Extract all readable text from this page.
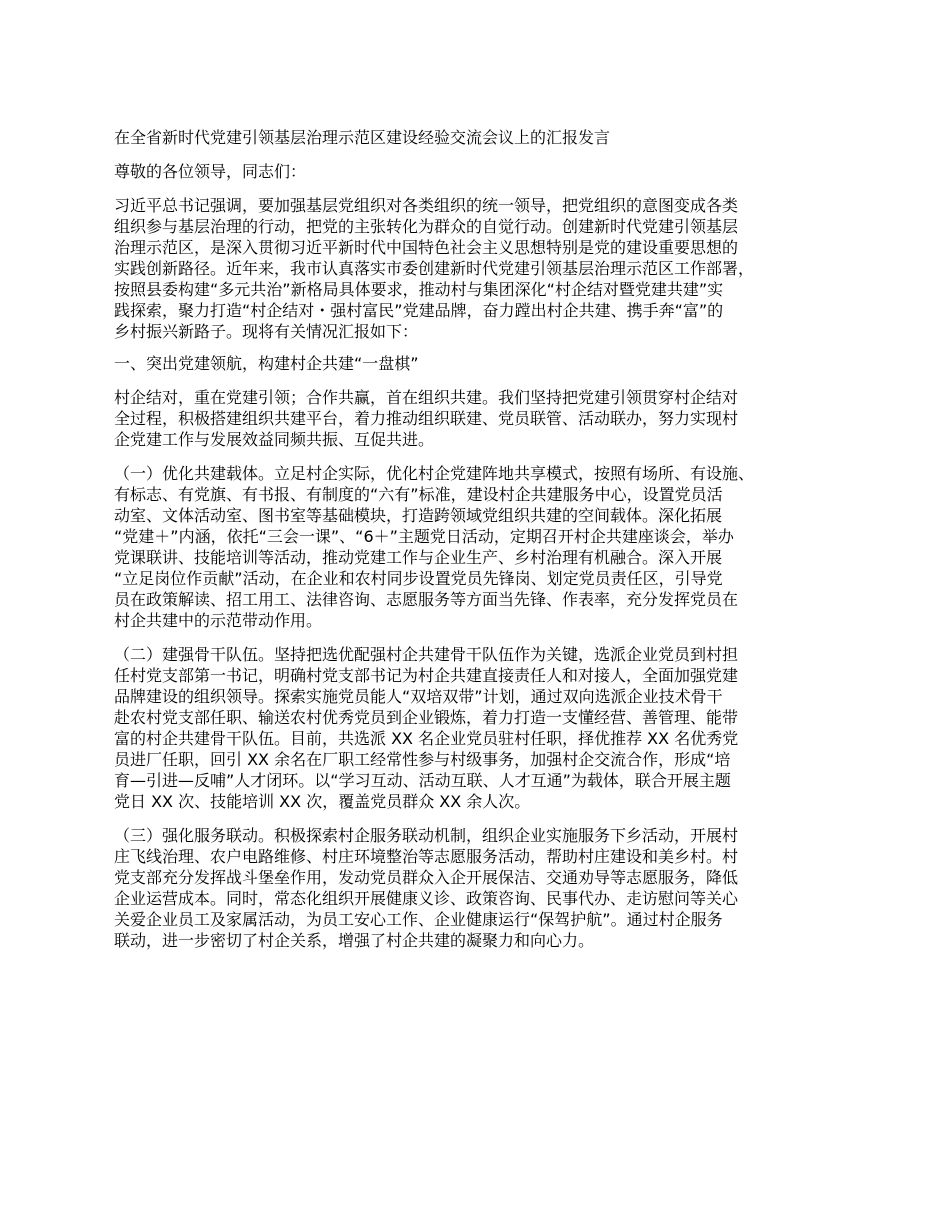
在全省新时代党建引领基层治理示范区建设经验交流会议上的汇报发言

尊敬的各位领导，同志们：

习近平总书记强调，要加强基层党组织对各类组织的统一领导，把党组织的意图变成各类
组织参与基层治理的行动，把党的主张转化为群众的自觉行动。创建新时代党建引领基层
治理示范区，是深入贯彻习近平新时代中国特色社会主义思想特别是党的建设重要思想的
实践创新路径。近年来，我市认真落实市委创建新时代党建引领基层治理示范区工作部署，
按照县委构建“多元共治”新格局具体要求，推动村与集团深化“村企结对暨党建共建”实
践探索，聚力打造“村企结对・强村富民”党建品牌，奋力蹚出村企共建、携手奔“富”的
乡村振兴新路子。现将有关情况汇报如下：

一、突出党建领航，构建村企共建“一盘棋”

村企结对，重在党建引领；合作共赢，首在组织共建。我们坚持把党建引领贯穿村企结对
全过程，积极搭建组织共建平台，着力推动组织联建、党员联管、活动联办，努力实现村
企党建工作与发展效益同频共振、互促共进。

（一）优化共建载体。立足村企实际，优化村企党建阵地共享模式，按照有场所、有设施、
有标志、有党旗、有书报、有制度的“六有”标准，建设村企共建服务中心，设置党员活
动室、文体活动室、图书室等基础模块，打造跨领域党组织共建的空间载体。深化拓展
“党建＋”内涵，依托“三会一课”、“6＋”主题党日活动，定期召开村企共建座谈会，举办
党课联讲、技能培训等活动，推动党建工作与企业生产、乡村治理有机融合。深入开展
“立足岗位作贡献”活动，在企业和农村同步设置党员先锋岗、划定党员责任区，引导党
员在政策解读、招工用工、法律咨询、志愿服务等方面当先锋、作表率，充分发挥党员在
村企共建中的示范带动作用。

（二）建强骨干队伍。坚持把选优配强村企共建骨干队伍作为关键，选派企业党员到村担
任村党支部第一书记，明确村党支部书记为村企共建直接责任人和对接人，全面加强党建
品牌建设的组织领导。探索实施党员能人“双培双带”计划，通过双向选派企业技术骨干
赴农村党支部任职、输送农村优秀党员到企业锻炼，着力打造一支懂经营、善管理、能带
富的村企共建骨干队伍。目前，共选派 XX 名企业党员驻村任职，择优推荐 XX 名优秀党
员进厂任职，回引 XX 余名在厂职工经常性参与村级事务，加强村企交流合作，形成“培
育—引进—反哺”人才闭环。以“学习互动、活动互联、人才互通”为载体，联合开展主题
党日 XX 次、技能培训 XX 次，覆盖党员群众 XX 余人次。

（三）强化服务联动。积极探索村企服务联动机制，组织企业实施服务下乡活动，开展村
庄飞线治理、农户电路维修、村庄环境整治等志愿服务活动，帮助村庄建设和美乡村。村
党支部充分发挥战斗堡垒作用，发动党员群众入企开展保洁、交通劝导等志愿服务，降低
企业运营成本。同时，常态化组织开展健康义诊、政策咨询、民事代办、走访慰问等关心
关爱企业员工及家属活动，为员工安心工作、企业健康运行“保驾护航”。通过村企服务
联动，进一步密切了村企关系，增强了村企共建的凝聚力和向心力。
